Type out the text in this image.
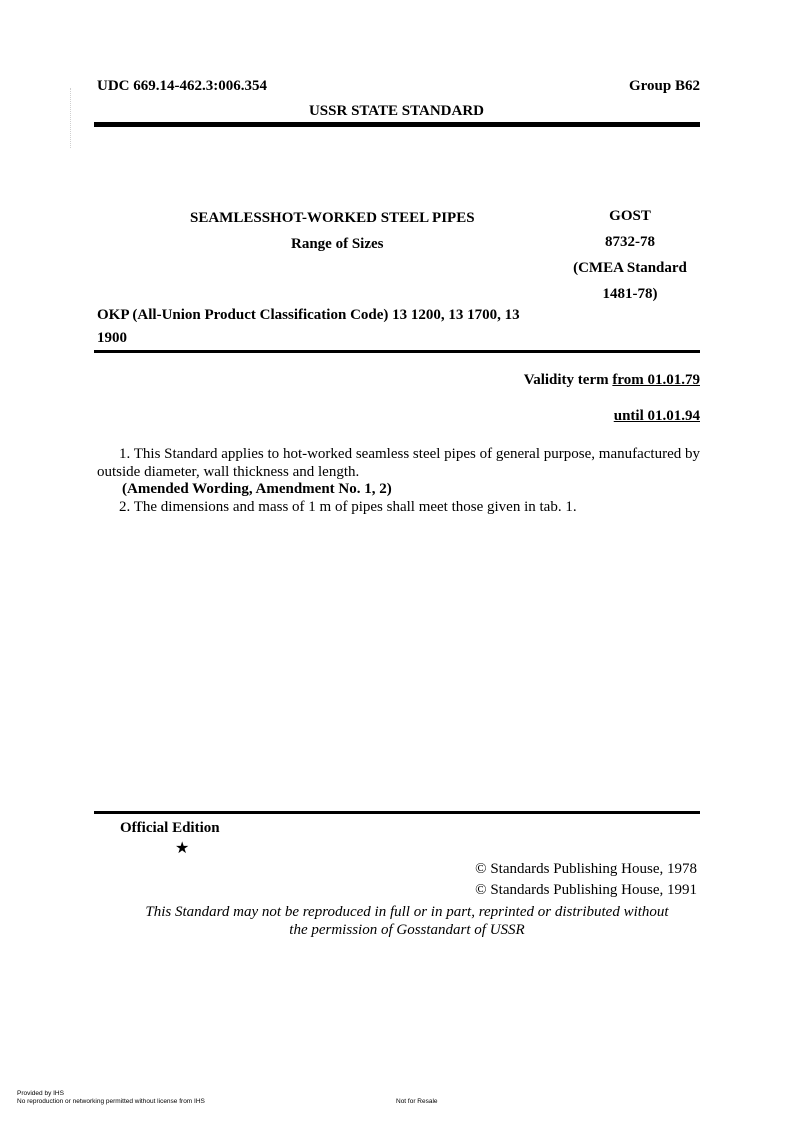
UDC 669.14-462.3:006.354	Group B62
USSR STATE STANDARD
SEAMLESSHOT-WORKED STEEL PIPES
Range of Sizes
GOST
8732-78
(CMEA Standard
1481-78)
OKP (All-Union Product Classification Code) 13 1200, 13 1700, 13
1900
Validity term from 01.01.79
until 01.01.94
1. This Standard applies to hot-worked seamless steel pipes of general purpose, manufactured by outside diameter, wall thickness and length.
(Amended Wording, Amendment No. 1, 2)
2. The dimensions and mass of 1 m of pipes shall meet those given in tab. 1.
Official Edition
★
© Standards Publishing House, 1978
© Standards Publishing House, 1991
This Standard may not be reproduced in full or in part, reprinted or distributed without
the permission of Gosstandart of USSR
Provided by IHS
No reproduction or networking permitted without license from IHS	Not for Resale
